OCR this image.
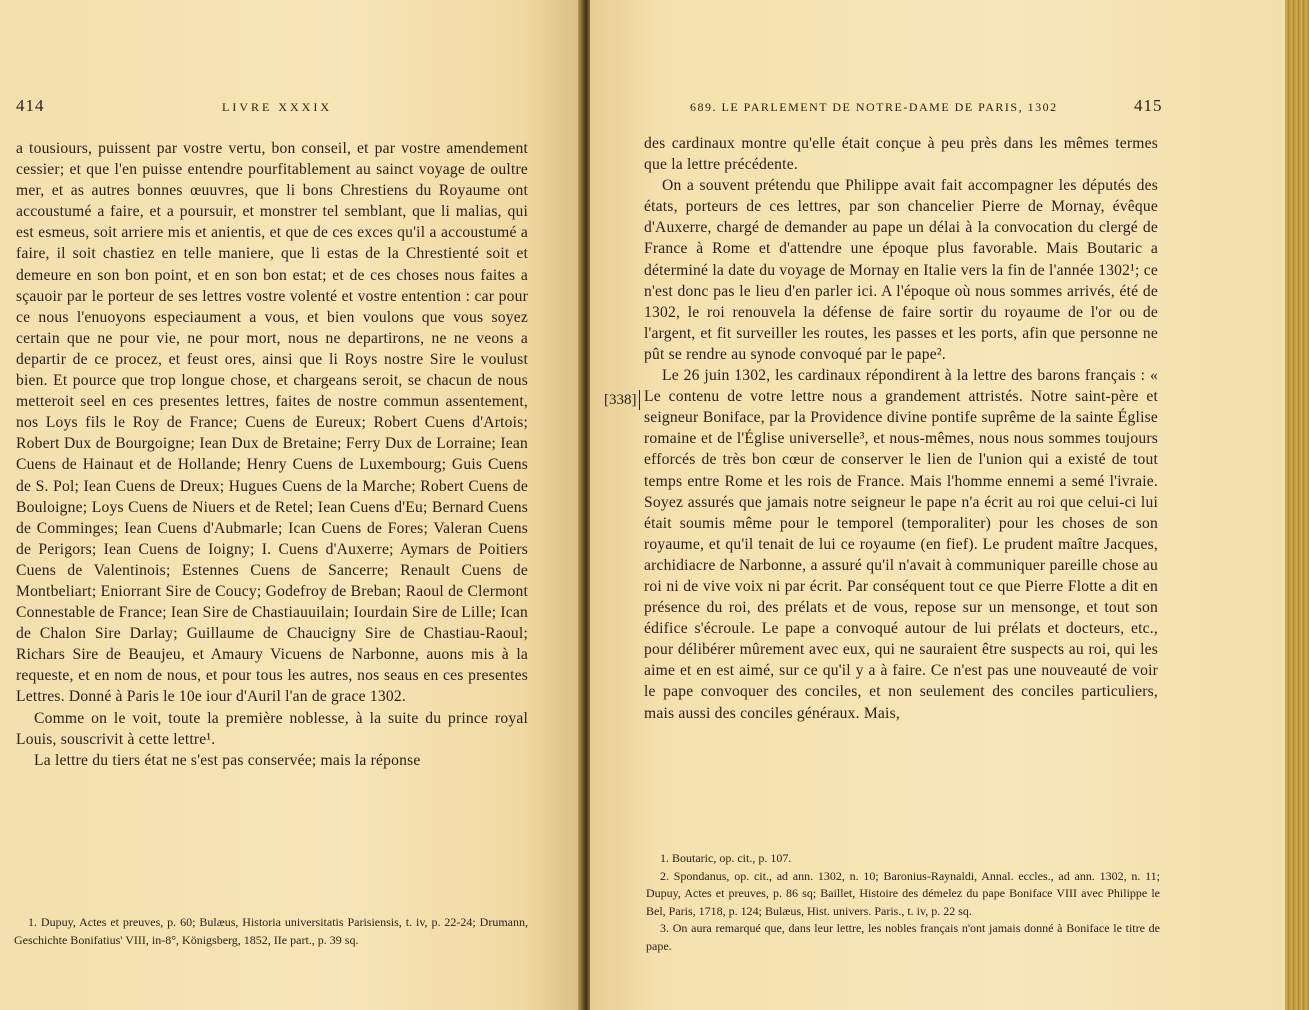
414	LIVRE XXXIX

a tousiours, puissent par vostre vertu, bon conseil, et par vostre amendement cessier; et que l'en puisse entendre pourfitablement au sainct voyage de oultre mer, et as autres bonnes œuuvres, que li bons Chrestiens du Royaume ont accoustumé a faire, et a poursuir, et monstrer tel semblant, que li malias, qui est esmeus, soit arriere mis et anientis, et que de ces exces qu'il a accoustumé a faire, il soit chastiez en telle maniere, que li estas de la Chrestienté soit et demeure en son bon point, et en son bon estat; et de ces choses nous faites a sçauoir par le porteur de ses lettres vostre volenté et vostre entention : car pour ce nous l'enuoyons especiaument a vous, et bien voulons que vous soyez certain que ne pour vie, ne pour mort, nous ne departirons, ne ne veons a departir de ce procez, et feust ores, ainsi que li Roys nostre Sire le voulust bien. Et pource que trop longue chose, et chargeans seroit, se chacun de nous metteroit seel en ces presentes lettres, faites de nostre commun assentement, nos Loys fils le Roy de France; Cuens de Eureux; Robert Cuens d'Artois; Robert Dux de Bourgoigne; Iean Dux de Bretaine; Ferry Dux de Lorraine; Iean Cuens de Hainaut et de Hollande; Henry Cuens de Luxembourg; Guis Cuens de S. Pol; Iean Cuens de Dreux; Hugues Cuens de la Marche; Robert Cuens de Bouloigne; Loys Cuens de Niuers et de Retel; Iean Cuens d'Eu; Bernard Cuens de Comminges; Iean Cuens d'Aubmarle; Ican Cuens de Fores; Valeran Cuens de Perigors; Iean Cuens de Ioigny; I. Cuens d'Auxerre; Aymars de Poitiers Cuens de Valentinois; Estennes Cuens de Sancerre; Renault Cuens de Montbeliart; Eniorrant Sire de Coucy; Godefroy de Breban; Raoul de Clermont Connestable de France; Iean Sire de Chastiauuilain; Iourdain Sire de Lille; Ican de Chalon Sire Darlay; Guillaume de Chaucigny Sire de Chastiau-Raoul; Richars Sire de Beaujeu, et Amaury Vicuens de Narbonne, auons mis à la requeste, et en nom de nous, et pour tous les autres, nos seaus en ces presentes Lettres. Donné à Paris le 10e iour d'Auril l'an de grace 1302.

Comme on le voit, toute la première noblesse, à la suite du prince royal Louis, souscrivit à cette lettre¹.

La lettre du tiers état ne s'est pas conservée; mais la réponse

1. Dupuy, Actes et preuves, p. 60; Bulæus, Historia universitatis Parisiensis, t. iv, p. 22-24; Drumann, Geschichte Bonifatius' VIII, in-8°, Königsberg, 1852, IIe part., p. 39 sq.

689. LE PARLEMENT DE NOTRE-DAME DE PARIS, 1302	415

des cardinaux montre qu'elle était conçue à peu près dans les mêmes termes que la lettre précédente.

On a souvent prétendu que Philippe avait fait accompagner les députés des états, porteurs de ces lettres, par son chancelier Pierre de Mornay, évêque d'Auxerre, chargé de demander au pape un délai à la convocation du clergé de France à Rome et d'attendre une époque plus favorable. Mais Boutaric a déterminé la date du voyage de Mornay en Italie vers la fin de l'année 1302¹; ce n'est donc pas le lieu d'en parler ici. A l'époque où nous sommes arrivés, été de 1302, le roi renouvela la défense de faire sortir du royaume de l'or ou de l'argent, et fit surveiller les routes, les passes et les ports, afin que personne ne pût se rendre au synode convoqué par le pape².

Le 26 juin 1302, les cardinaux répondirent à la lettre des barons français : « Le contenu de votre lettre nous a grandement attristés. Notre saint-père et seigneur Boniface, par la Providence divine pontife suprême de la sainte Église romaine et de l'Église universelle³, et nous-mêmes, nous nous sommes toujours efforcés de très bon cœur de conserver le lien de l'union qui a existé de tout temps entre Rome et les rois de France. Mais l'homme ennemi a semé l'ivraie. Soyez assurés que jamais notre seigneur le pape n'a écrit au roi que celui-ci lui était soumis même pour le temporel (temporaliter) pour les choses de son royaume, et qu'il tenait de lui ce royaume (en fief). Le prudent maître Jacques, archidiacre de Narbonne, a assuré qu'il n'avait à communiquer pareille chose au roi ni de vive voix ni par écrit. Par conséquent tout ce que Pierre Flotte a dit en présence du roi, des prélats et de vous, repose sur un mensonge, et tout son édifice s'écroule. Le pape a convoqué autour de lui prélats et docteurs, etc., pour délibérer mûrement avec eux, qui ne sauraient être suspects au roi, qui les aime et en est aimé, sur ce qu'il y a à faire. Ce n'est pas une nouveauté de voir le pape convoquer des conciles, et non seulement des conciles particuliers, mais aussi des conciles généraux. Mais,

1. Boutaric, op. cit., p. 107.

2. Spondanus, op. cit., ad ann. 1302, n. 10; Baronius-Raynaldi, Annal. eccles., ad ann. 1302, n. 11; Dupuy, Actes et preuves, p. 86 sq; Baillet, Histoire des démelez du pape Boniface VIII avec Philippe le Bel, Paris, 1718, p. 124; Bulæus, Hist. univers. Paris., t. iv, p. 22 sq.

3. On aura remarqué que, dans leur lettre, les nobles français n'ont jamais donné à Boniface le titre de pape.

[338]
